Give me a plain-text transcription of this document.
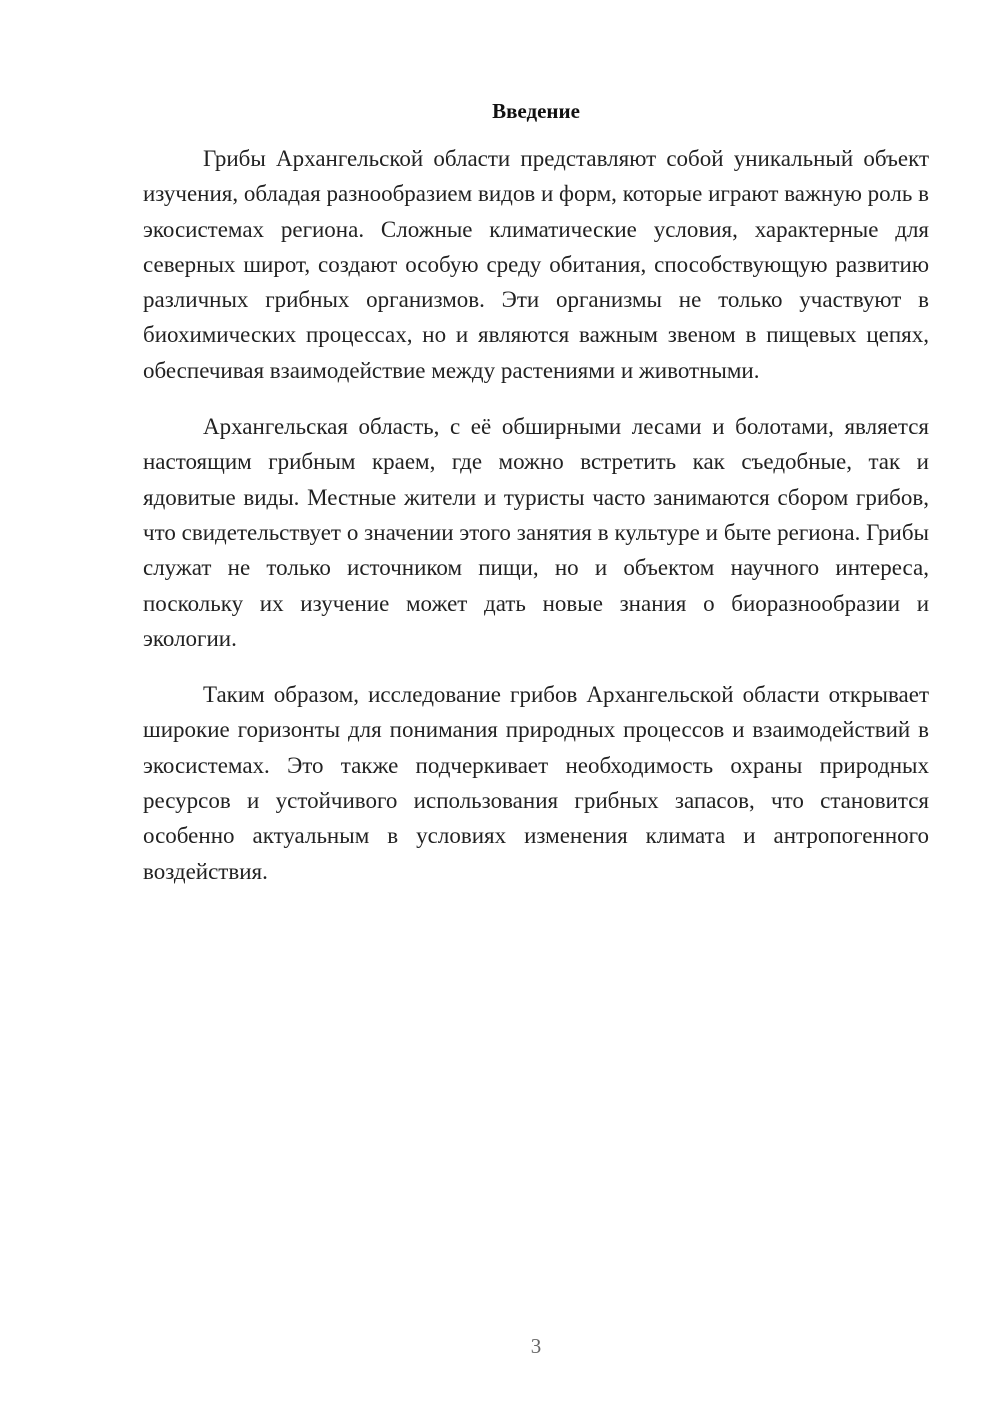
Введение

Грибы Архангельской области представляют собой уникальный объект изучения, обладая разнообразием видов и форм, которые играют важную роль в экосистемах региона. Сложные климатические условия, характерные для северных широт, создают особую среду обитания, способствующую развитию различных грибных организмов. Эти организмы не только участвуют в биохимических процессах, но и являются важным звеном в пищевых цепях, обеспечивая взаимодействие между растениями и животными.

Архангельская область, с её обширными лесами и болотами, является настоящим грибным краем, где можно встретить как съедобные, так и ядовитые виды. Местные жители и туристы часто занимаются сбором грибов, что свидетельствует о значении этого занятия в культуре и быте региона. Грибы служат не только источником пищи, но и объектом научного интереса, поскольку их изучение может дать новые знания о биоразнообразии и экологии.

Таким образом, исследование грибов Архангельской области открывает широкие горизонты для понимания природных процессов и взаимодействий в экосистемах. Это также подчеркивает необходимость охраны природных ресурсов и устойчивого использования грибных запасов, что становится особенно актуальным в условиях изменения климата и антропогенного воздействия.

3
